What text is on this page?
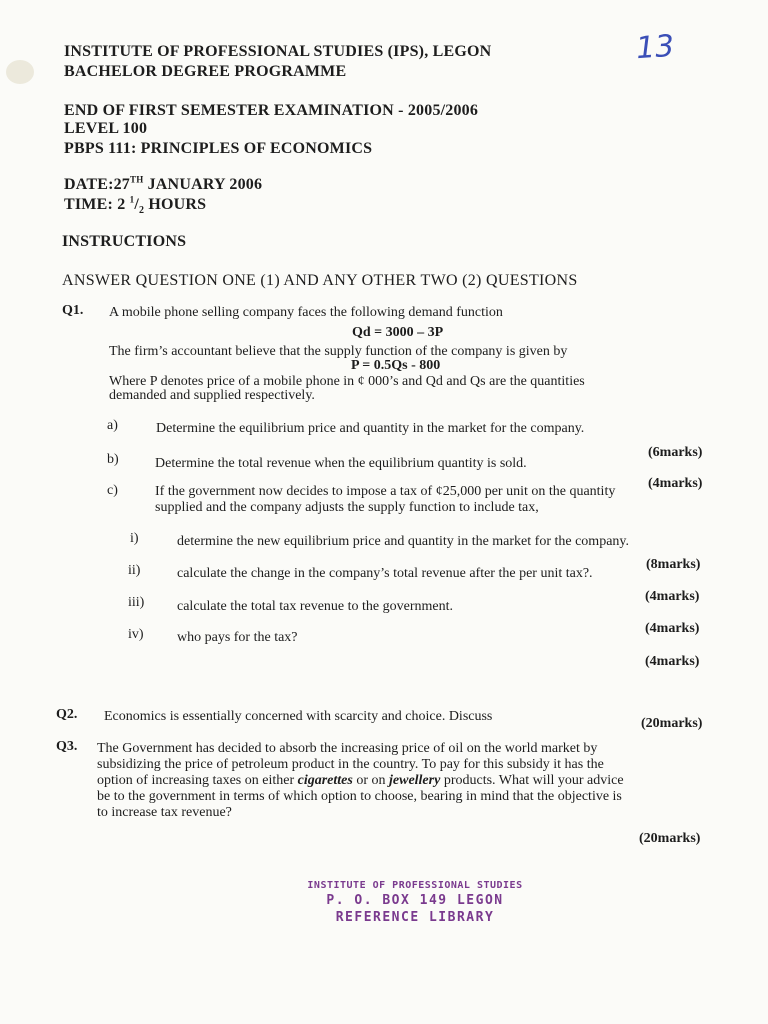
INSTITUTE OF PROFESSIONAL STUDIES (IPS), LEGON
BACHELOR DEGREE PROGRAMME
13
END OF FIRST SEMESTER EXAMINATION - 2005/2006
LEVEL 100
PBPS 111: PRINCIPLES OF ECONOMICS
DATE:27TH JANUARY 2006
TIME: 2 $^1/_2$ HOURS
INSTRUCTIONS
ANSWER QUESTION ONE (1) AND ANY OTHER TWO (2) QUESTIONS
Q1. A mobile phone selling company faces the following demand function
Qd = 3000 – 3P
The firm’s accountant believe that the supply function of the company is given by
P = 0.5Qs - 800
Where P denotes price of a mobile phone in ¢ 000’s and Qd and Qs are the quantities
demanded and supplied respectively.
a)	Determine the equilibrium price and quantity in the market for the company.
(6marks)
b)	Determine the total revenue when the equilibrium quantity is sold.
(4marks)
c)	If the government now decides to impose a tax of ¢25,000 per unit on the quantity
supplied and the company adjusts the supply function to include tax,
i)	determine the new equilibrium price and quantity in the market for the company.
(8marks)
ii)	calculate the change in the company’s total revenue after the per unit tax?.
(4marks)
iii) calculate the total tax revenue to the government.
(4marks)
iv) who pays for the tax?
(4marks)
Q2. Economics is essentially concerned with scarcity and choice. Discuss	(20marks)
Q3. The Government has decided to absorb the increasing price of oil on the world market by
subsidizing the price of petroleum product in the country. To pay for this subsidy it has the
option of increasing taxes on either cigarettes or on jewellery products. What will your advice
be to the government in terms of which option to choose, bearing in mind that the objective is
to increase tax revenue?
(20marks)
INSTITUTE OF PROFESSIONAL STUDIES
P. O. BOX 149 LEGON
REFERENCE LIBRARY
